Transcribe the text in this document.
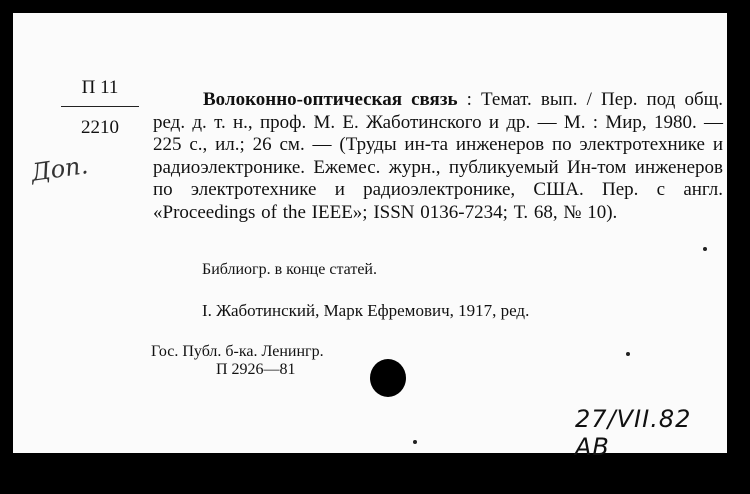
П 11
2210
Доп.
Волоконно-оптическая связь : Темат. вып. / Пер. под общ. ред. д. т. н., проф. М. Е. Жаботинского и др. — М. : Мир, 1980. — 225 с., ил.; 26 см. — (Труды ин-та инженеров по электротехнике и радиоэлектронике. Ежемес. журн., публикуемый Ин-том инженеров по электротехнике и радиоэлектронике, США. Пер. с англ. «Proceedings of the IEEE»; ISSN 0136-7234; Т. 68, № 10).
Библиогр. в конце статей.
I. Жаботинский, Марк Ефремович, 1917, ред.
Гос. Публ. б-ка. Ленингр.
П 2926—81
27/VII.82 АВ
